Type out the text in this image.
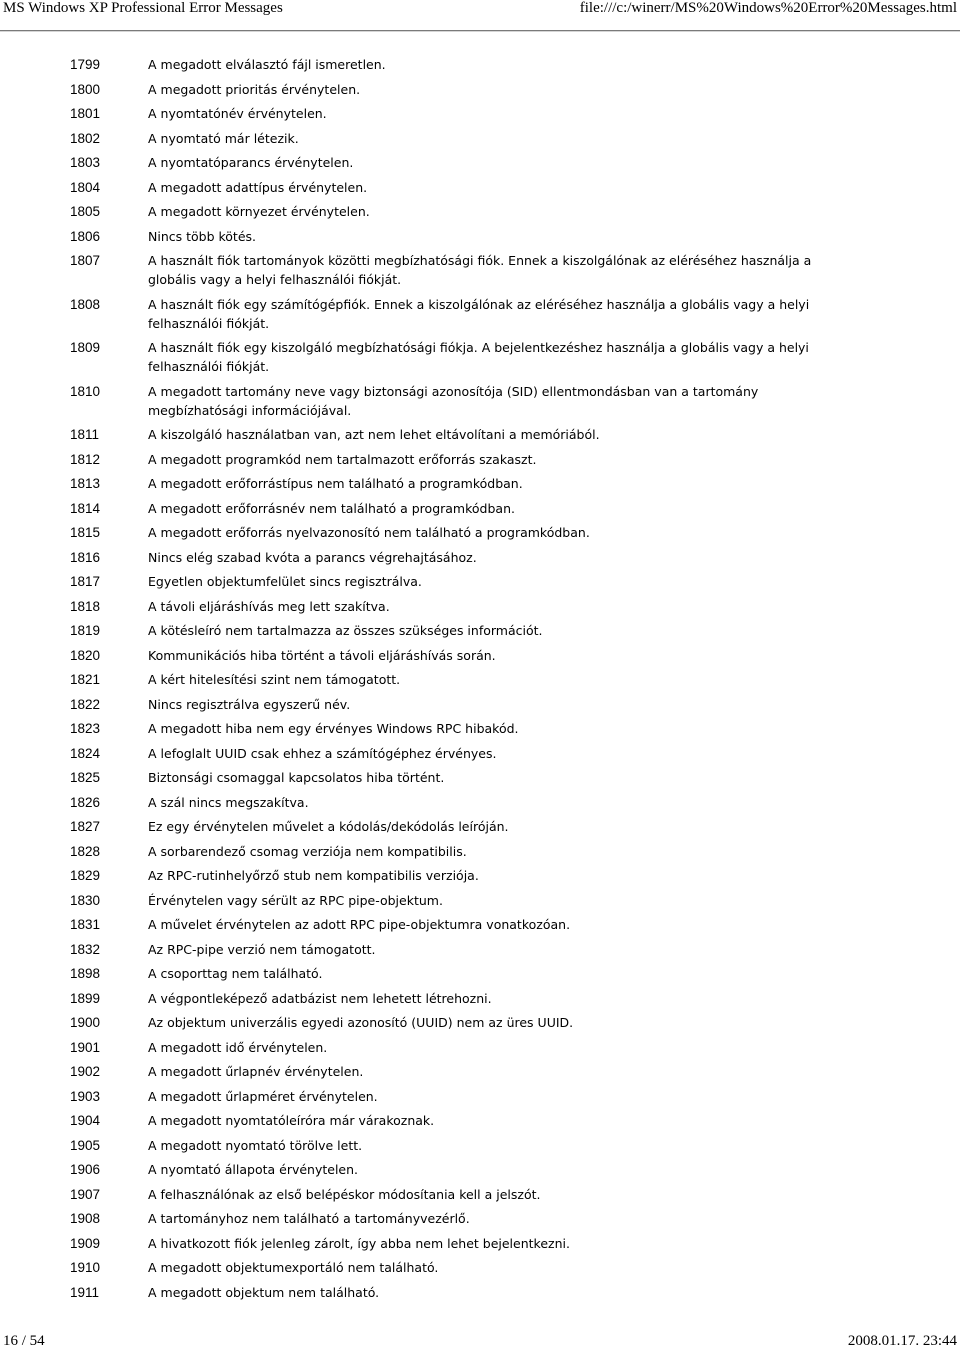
MS Windows XP Professional Error Messages	file:///c:/winerr/MS%20Windows%20Error%20Messages.html
1799	A megadott elválasztó fájl ismeretlen.
1800	A megadott prioritás érvénytelen.
1801	A nyomtatónév érvénytelen.
1802	A nyomtató már létezik.
1803	A nyomtatóparancs érvénytelen.
1804	A megadott adattípus érvénytelen.
1805	A megadott környezet érvénytelen.
1806	Nincs több kötés.
1807	A használt fiók tartományok közötti megbízhatósági fiók. Ennek a kiszolgálónak az eléréséhez használja a globális vagy a helyi felhasználói fiókját.
1808	A használt fiók egy számítógépfiók. Ennek a kiszolgálónak az eléréséhez használja a globális vagy a helyi felhasználói fiókját.
1809	A használt fiók egy kiszolgáló megbízhatósági fiókja. A bejelentkezéshez használja a globális vagy a helyi felhasználói fiókját.
1810	A megadott tartomány neve vagy biztonsági azonosítója (SID) ellentmondásban van a tartomány megbízhatósági információjával.
1811	A kiszolgáló használatban van, azt nem lehet eltávolítani a memóriából.
1812	A megadott programkód nem tartalmazott erőforrás szakaszt.
1813	A megadott erőforrástípus nem található a programkódban.
1814	A megadott erőforrásnév nem található a programkódban.
1815	A megadott erőforrás nyelvazonosító nem található a programkódban.
1816	Nincs elég szabad kvóta a parancs végrehajtásához.
1817	Egyetlen objektumfelület sincs regisztrálva.
1818	A távoli eljáráshívás meg lett szakítva.
1819	A kötésleíró nem tartalmazza az összes szükséges információt.
1820	Kommunikációs hiba történt a távoli eljáráshívás során.
1821	A kért hitelesítési szint nem támogatott.
1822	Nincs regisztrálva egyszerű név.
1823	A megadott hiba nem egy érvényes Windows RPC hibakód.
1824	A lefoglalt UUID csak ehhez a számítógéphez érvényes.
1825	Biztonsági csomaggal kapcsolatos hiba történt.
1826	A szál nincs megszakítva.
1827	Ez egy érvénytelen művelet a kódolás/dekódolás leíróján.
1828	A sorbarendező csomag verziója nem kompatibilis.
1829	Az RPC-rutinhelyőrző stub nem kompatibilis verziója.
1830	Érvénytelen vagy sérült az RPC pipe-objektum.
1831	A művelet érvénytelen az adott RPC pipe-objektumra vonatkozóan.
1832	Az RPC-pipe verzió nem támogatott.
1898	A csoporttag nem található.
1899	A végpontleképező adatbázist nem lehetett létrehozni.
1900	Az objektum univerzális egyedi azonosító (UUID) nem az üres UUID.
1901	A megadott idő érvénytelen.
1902	A megadott űrlapnév érvénytelen.
1903	A megadott űrlapméret érvénytelen.
1904	A megadott nyomtatóleíróra már várakoznak.
1905	A megadott nyomtató törölve lett.
1906	A nyomtató állapota érvénytelen.
1907	A felhasználónak az első belépéskor módosítania kell a jelszót.
1908	A tartományhoz nem található a tartományvezérlő.
1909	A hivatkozott fiók jelenleg zárolt, így abba nem lehet bejelentkezni.
1910	A megadott objektumexportáló nem található.
1911	A megadott objektum nem található.
16 / 54	2008.01.17. 23:44
